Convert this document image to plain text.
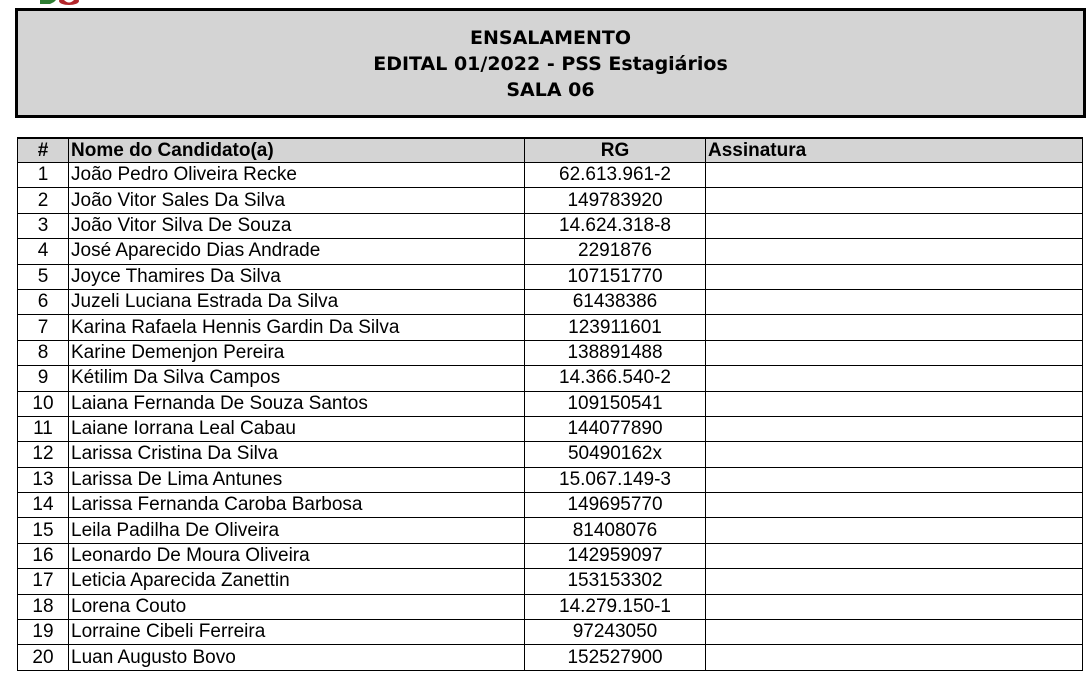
ENSALAMENTO
EDITAL 01/2022 - PSS Estagiários
SALA 06
#	Nome do Candidato(a)	RG	Assinatura
1	João Pedro Oliveira Recke	62.613.961-2	
2	João Vitor Sales Da Silva	149783920	
3	João Vitor Silva De Souza	14.624.318-8	
4	José Aparecido Dias Andrade	2291876	
5	Joyce Thamires Da Silva	107151770	
6	Juzeli Luciana Estrada Da Silva	61438386	
7	Karina Rafaela Hennis Gardin Da Silva	123911601	
8	Karine Demenjon Pereira	138891488	
9	Kétilim Da Silva Campos	14.366.540-2	
10	Laiana Fernanda De Souza Santos	109150541	
11	Laiane Iorrana Leal Cabau	144077890	
12	Larissa Cristina Da Silva	50490162x	
13	Larissa De Lima Antunes	15.067.149-3	
14	Larissa Fernanda Caroba Barbosa	149695770	
15	Leila Padilha De Oliveira	81408076	
16	Leonardo De Moura Oliveira	142959097	
17	Leticia Aparecida Zanettin	153153302	
18	Lorena Couto	14.279.150-1	
19	Lorraine Cibeli Ferreira	97243050	
20	Luan Augusto Bovo	152527900	
